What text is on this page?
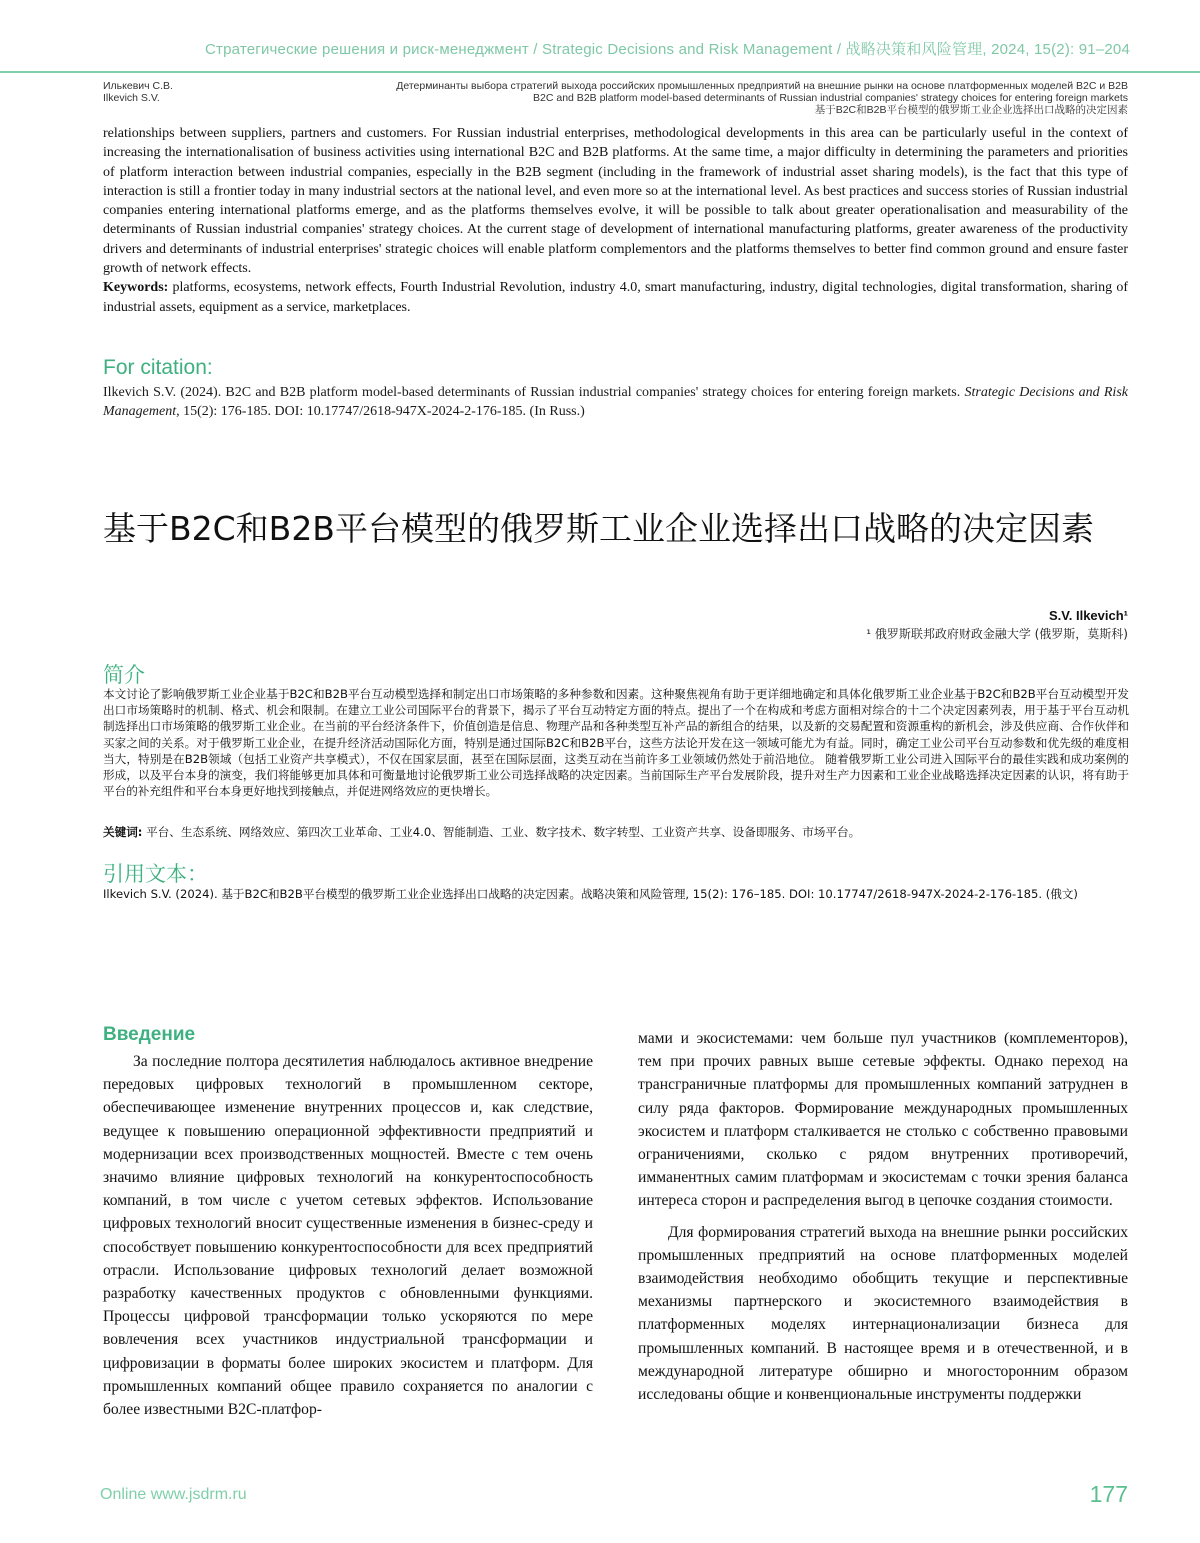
Стратегические решения и риск-менеджмент / Strategic Decisions and Risk Management / 战略决策和风险管理, 2024, 15(2): 91–204
Илькевич С.В.
Ilkevich S.V.
Детерминанты выбора стратегий выхода российских промышленных предприятий на внешние рынки на основе платформенных моделей B2C и B2B
B2C and B2B platform model-based determinants of Russian industrial companies' strategy choices for entering foreign markets
基于B2C和B2B平台模型的俄罗斯工业企业选择出口战略的决定因素
relationships between suppliers, partners and customers. For Russian industrial enterprises, methodological developments in this area can be particularly useful in the context of increasing the internationalisation of business activities using international B2C and B2B platforms. At the same time, a major difficulty in determining the parameters and priorities of platform interaction between industrial companies, especially in the B2B segment (including in the framework of industrial asset sharing models), is the fact that this type of interaction is still a frontier today in many industrial sectors at the national level, and even more so at the international level. As best practices and success stories of Russian industrial companies entering international platforms emerge, and as the platforms themselves evolve, it will be possible to talk about greater operationalisation and measurability of the determinants of Russian industrial companies' strategy choices. At the current stage of development of international manufacturing platforms, greater awareness of the productivity drivers and determinants of industrial enterprises' strategic choices will enable platform complementors and the platforms themselves to better find common ground and ensure faster growth of network effects.
Keywords: platforms, ecosystems, network effects, Fourth Industrial Revolution, industry 4.0, smart manufacturing, industry, digital technologies, digital transformation, sharing of industrial assets, equipment as a service, marketplaces.
For citation:
Ilkevich S.V. (2024). B2C and B2B platform model-based determinants of Russian industrial companies' strategy choices for entering foreign markets. Strategic Decisions and Risk Management, 15(2): 176-185. DOI: 10.17747/2618-947X-2024-2-176-185. (In Russ.)
基于B2C和B2B平台模型的俄罗斯工业企业选择出口战略的决定因素
S.V. Ilkevich¹
¹ 俄罗斯联邦政府财政金融大学 (俄罗斯，莫斯科)
简介
本文讨论了影响俄罗斯工业企业基于B2C和B2B平台互动模型选择和制定出口市场策略的多种参数和因素。这种聚焦视角有助于更详细地确定和具体化俄罗斯工业企业基于B2C和B2B平台互动模型开发出口市场策略时的机制、格式、机会和限制。在建立工业公司国际平台的背景下，揭示了平台互动特定方面的特点。提出了一个在构成和考虑方面相对综合的十二个决定因素列表，用于基于平台互动机制选择出口市场策略的俄罗斯工业企业。在当前的平台经济条件下，价值创造是信息、物理产品和各种类型互补产品的新组合的结果，以及新的交易配置和资源重构的新机会，涉及供应商、合作伙伴和买家之间的关系。对于俄罗斯工业企业，在提升经济活动国际化方面，特别是通过国际B2C和B2B平台，这些方法论开发在这一领域可能尤为有益。同时，确定工业公司平台互动参数和优先级的难度相当大，特别是在B2B领域（包括工业资产共享模式），不仅在国家层面，甚至在国际层面，这类互动在当前许多工业领域仍然处于前沿地位。 随着俄罗斯工业公司进入国际平台的最佳实践和成功案例的形成，以及平台本身的演变，我们将能够更加具体和可衡量地讨论俄罗斯工业公司选择战略的决定因素。当前国际生产平台发展阶段，提升对生产力因素和工业企业战略选择决定因素的认识，将有助于平台的补充组件和平台本身更好地找到接触点，并促进网络效应的更快增长。
关键词: 平台、生态系统、网络效应、第四次工业革命、工业4.0、智能制造、工业、数字技术、数字转型、工业资产共享、设备即服务、市场平台。
引用文本：
Ilkevich S.V. (2024). 基于B2C和B2B平台模型的俄罗斯工业企业选择出口战略的决定因素。战略决策和风险管理, 15(2): 176–185. DOI: 10.17747/2618-947X-2024-2-176-185. (俄文)
Введение

За последние полтора десятилетия наблюдалось активное внедрение передовых цифровых технологий в промышленном секторе, обеспечивающее изменение внутренних процессов и, как следствие, ведущее к повышению операционной эффективности предприятий и модернизации всех производственных мощностей. Вместе с тем очень значимо влияние цифровых технологий на конкурентоспособность компаний, в том числе с учетом сетевых эффектов. Использование цифровых технологий вносит существенные изменения в бизнес-среду и способствует повышению конкурентоспособности для всех предприятий отрасли. Использование цифровых технологий делает возможной разработку качественных продуктов с обновленными функциями. Процессы цифровой трансформации только ускоряются по мере вовлечения всех участников индустриальной трансформации и цифровизации в форматы более широких экосистем и платформ. Для промышленных компаний общее правило сохраняется по аналогии с более известными B2C-платфор-

мами и экосистемами: чем больше пул участников (комплементоров), тем при прочих равных выше сетевые эффекты. Однако переход на трансграничные платформы для промышленных компаний затруднен в силу ряда факторов. Формирование международных промышленных экосистем и платформ сталкивается не столько с собственно правовыми ограничениями, сколько с рядом внутренних противоречий, имманентных самим платформам и экосистемам с точки зрения баланса интереса сторон и распределения выгод в цепочке создания стоимости.

Для формирования стратегий выхода на внешние рынки российских промышленных предприятий на основе платформенных моделей взаимодействия необходимо обобщить текущие и перспективные механизмы партнерского и экосистемного взаимодействия в платформенных моделях интернационализации бизнеса для промышленных компаний. В настоящее время и в отечественной, и в международной литературе обширно и многосторонним образом исследованы общие и конвенциональные инструменты поддержки

Online www.jsdrm.ru	177
